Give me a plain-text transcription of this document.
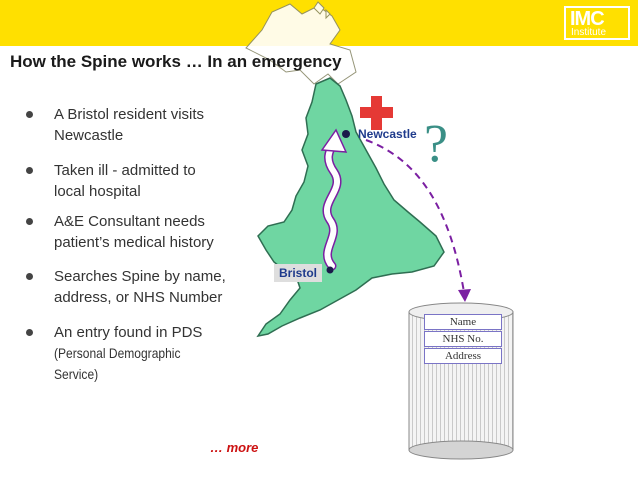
IMC
Institute
How the Spine works … In an emergency
A Bristol resident visits
Newcastle
Taken ill - admitted to
local hospital
A&E Consultant needs
patient’s medical history
Searches Spine by name,
address, or NHS Number
An entry found in PDS
(Personal Demographic
Service)
Newcastle
Bristol
?
Name
NHS No.
Address
… more
